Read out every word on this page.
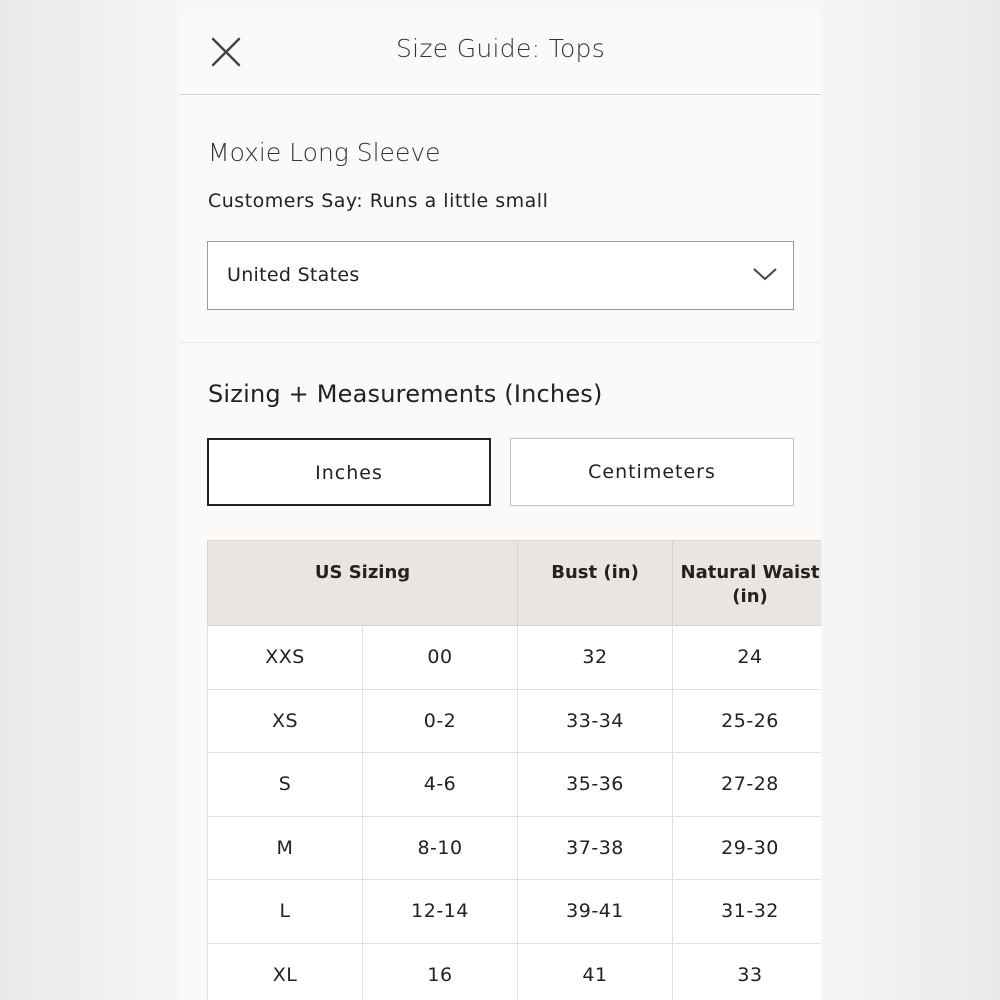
Size Guide: Tops
Moxie Long Sleeve
Customers Say: Runs a little small
United States
Sizing + Measurements (Inches)
Inches	Centimeters
US Sizing		Bust (in)	Natural Waist (in)
XXS	00	32	24
XS	0-2	33-34	25-26
S	4-6	35-36	27-28
M	8-10	37-38	29-30
L	12-14	39-41	31-32
XL	16	41	33
